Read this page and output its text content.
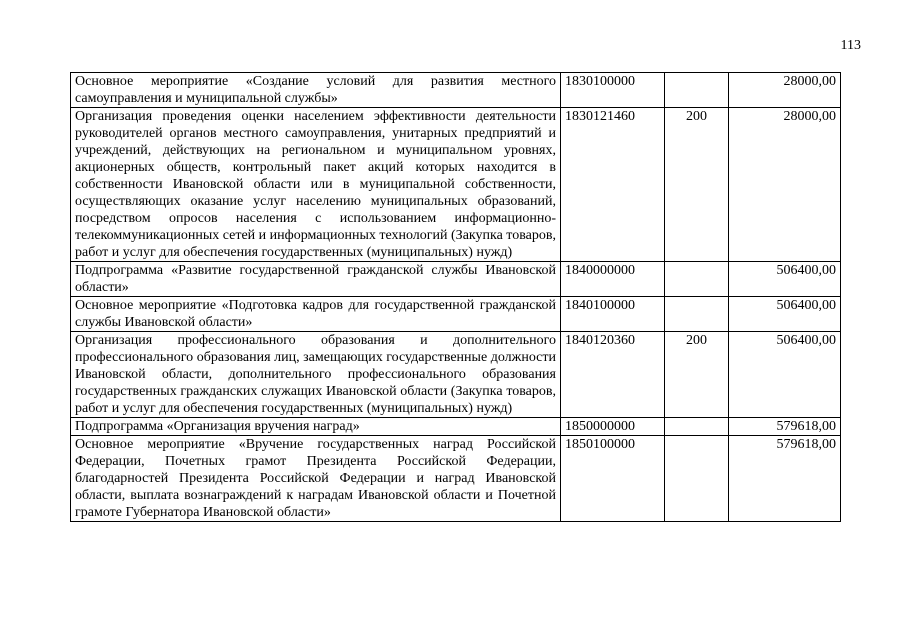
113
Основное мероприятие «Создание условий для развития местного самоуправления и муниципальной службы»	1830100000		28000,00
Организация проведения оценки населением эффективности деятельности руководителей органов местного самоуправления, унитарных предприятий и учреждений, действующих на региональном и муниципальном уровнях, акционерных обществ, контрольный пакет акций которых находится в собственности Ивановской области или в муниципальной собственности, осуществляющих оказание услуг населению муниципальных образований, посредством опросов населения с использованием информационно-телекоммуникационных сетей и информационных технологий (Закупка товаров, работ и услуг для обеспечения государственных (муниципальных) нужд)	1830121460	200	28000,00
Подпрограмма «Развитие государственной гражданской службы Ивановской области»	1840000000		506400,00
Основное мероприятие «Подготовка кадров для государственной гражданской службы Ивановской области»	1840100000		506400,00
Организация профессионального образования и дополнительного профессионального образования лиц, замещающих государственные должности Ивановской области, дополнительного профессионального образования государственных гражданских служащих Ивановской области (Закупка товаров, работ и услуг для обеспечения государственных (муниципальных) нужд)	1840120360	200	506400,00
Подпрограмма «Организация вручения наград»	1850000000		579618,00
Основное мероприятие «Вручение государственных наград Российской Федерации, Почетных грамот Президента Российской Федерации, благодарностей Президента Российской Федерации и наград Ивановской области, выплата вознаграждений к наградам Ивановской области и Почетной грамоте Губернатора Ивановской области»	1850100000		579618,00
